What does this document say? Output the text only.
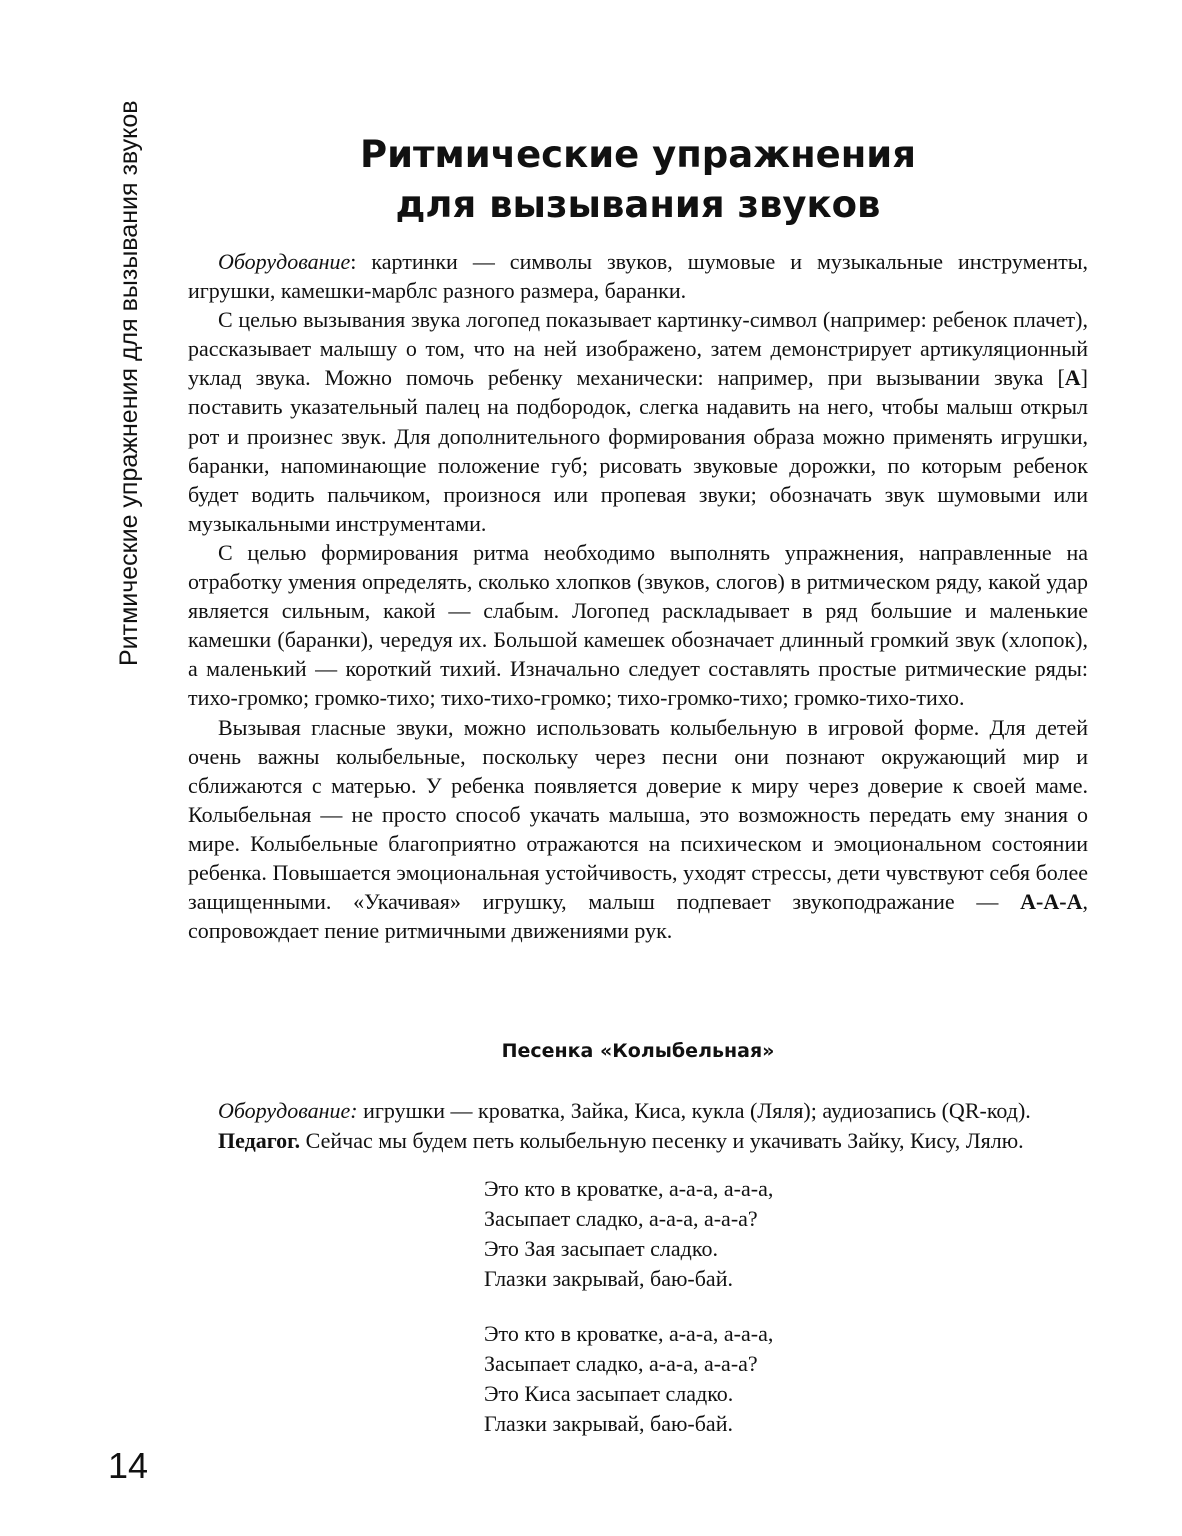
Ритмические упражнения для вызывания звуков	Ритмические упражнения
для вызывания звуков

Оборудование: картинки — символы звуков, шумовые и музыкальные инструменты, игрушки, камешки-марблс разного размера, баранки.

С целью вызывания звука логопед показывает картинку-символ (например: ребенок плачет), рассказывает малышу о том, что на ней изображено, затем демонстрирует артикуляционный уклад звука. Можно помочь ребенку механически: например, при вызывании звука [А] поставить указательный палец на подбородок, слегка надавить на него, чтобы малыш открыл рот и произнес звук. Для дополнительного формирования образа можно применять игрушки, баранки, напоминающие положение губ; рисовать звуковые дорожки, по которым ребенок будет водить пальчиком, произнося или пропевая звуки; обозначать звук шумовыми или музыкальными инструментами.

С целью формирования ритма необходимо выполнять упражнения, направленные на отработку умения определять, сколько хлопков (звуков, слогов) в ритмическом ряду, какой удар является сильным, какой — слабым. Логопед раскладывает в ряд большие и маленькие камешки (баранки), чередуя их. Большой камешек обозначает длинный громкий звук (хлопок), а маленький — короткий тихий. Изначально следует составлять простые ритмические ряды: тихо-громко; громко-тихо; тихо-тихо-громко; тихо-громко-тихо; громко-тихо-тихо.

Вызывая гласные звуки, можно использовать колыбельную в игровой форме. Для детей очень важны колыбельные, поскольку через песни они познают окружающий мир и сближаются с матерью. У ребенка появляется доверие к миру через доверие к своей маме. Колыбельная — не просто способ укачать малыша, это возможность передать ему знания о мире. Колыбельные благоприятно отражаются на психическом и эмоциональном состоянии ребенка. Повышается эмоциональная устойчивость, уходят стрессы, дети чувствуют себя более защищенными. «Укачивая» игрушку, малыш подпевает звукоподражание — А-А-А, сопровождает пение ритмичными движениями рук.

Песенка «Колыбельная»

Оборудование: игрушки — кроватка, Зайка, Киса, кукла (Ляля); аудиозапись (QR-код).

Педагог. Сейчас мы будем петь колыбельную песенку и укачивать Зайку, Кису, Лялю.

Это кто в кроватке, а-а-а, а-а-а,
Засыпает сладко, а-а-а, а-а-а?
Это Зая засыпает сладко.
Глазки закрывай, баю-бай.
Это кто в кроватке, а-а-а, а-а-а,
Засыпает сладко, а-а-а, а-а-а?
Это Киса засыпает сладко.
Глазки закрывай, баю-бай.
14
